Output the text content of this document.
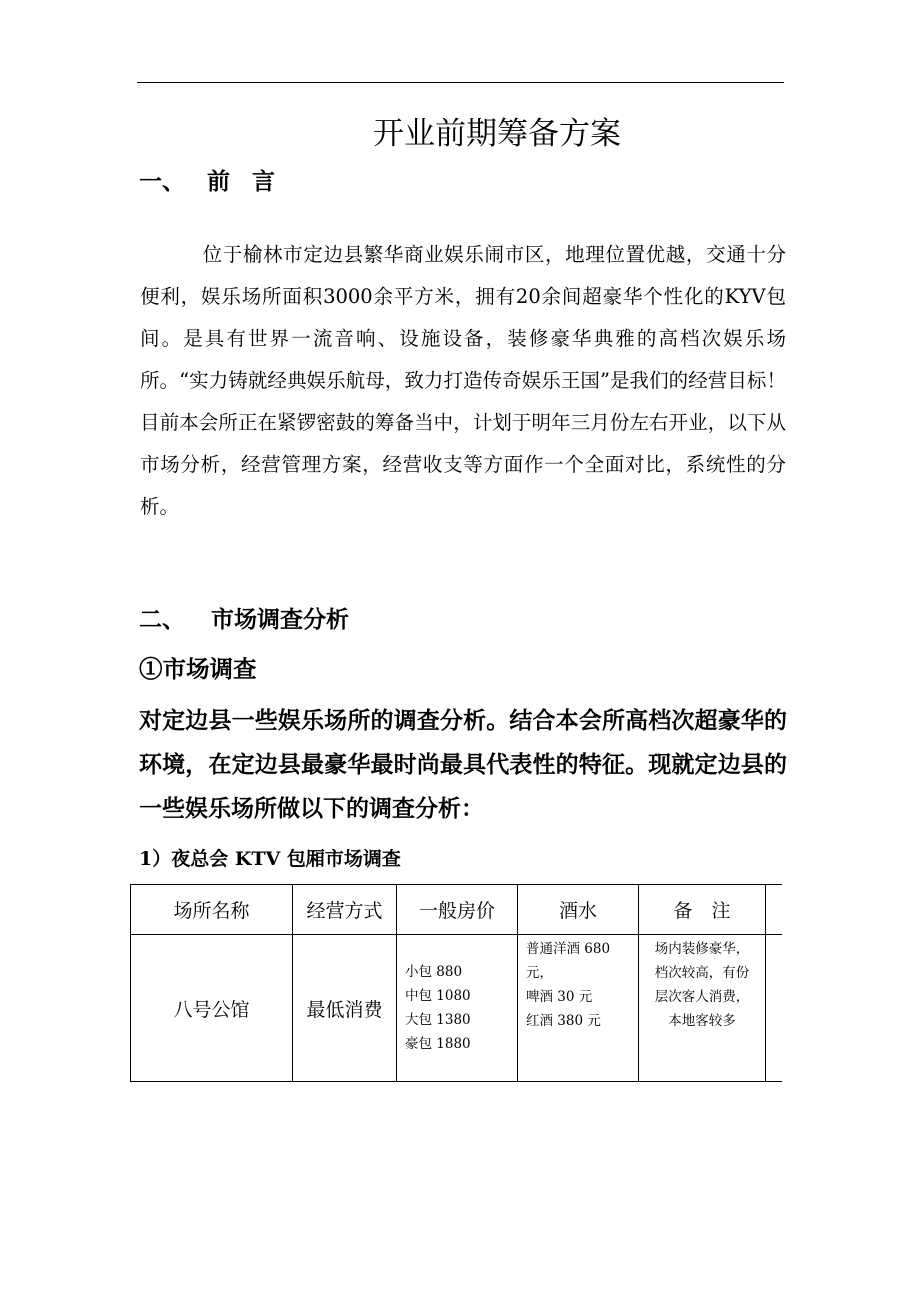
开业前期筹备方案
一、 前 言

位于榆林市定边县繁华商业娱乐闹市区，地理位置优越，交通十分便利，娱乐场所面积3000余平方米，拥有20余间超豪华个性化的KYV包间。是具有世界一流音响、设施设备，装修豪华典雅的高档次娱乐场所。“实力铸就经典娱乐航母，致力打造传奇娱乐王国”是我们的经营目标！目前本会所正在紧锣密鼓的筹备当中，计划于明年三月份左右开业，以下从市场分析，经营管理方案，经营收支等方面作一个全面对比，系统性的分析。

二、 市场调查分析
①市场调查

对定边县一些娱乐场所的调查分析。结合本会所高档次超豪华的环境，在定边县最豪华最时尚最具代表性的特征。现就定边县的一些娱乐场所做以下的调查分析：

1）夜总会 KTV 包厢市场调查
场所名称	经营方式	一般房价	酒水	备　注	
八号公馆	最低消费	小包 880
中包 1080
大包 1380
豪包 1880	普通洋酒 680
元，
啤酒 30 元
红酒 380 元	场内装修豪华，
档次较高，有份
层次客人消费，
本地客较多	
